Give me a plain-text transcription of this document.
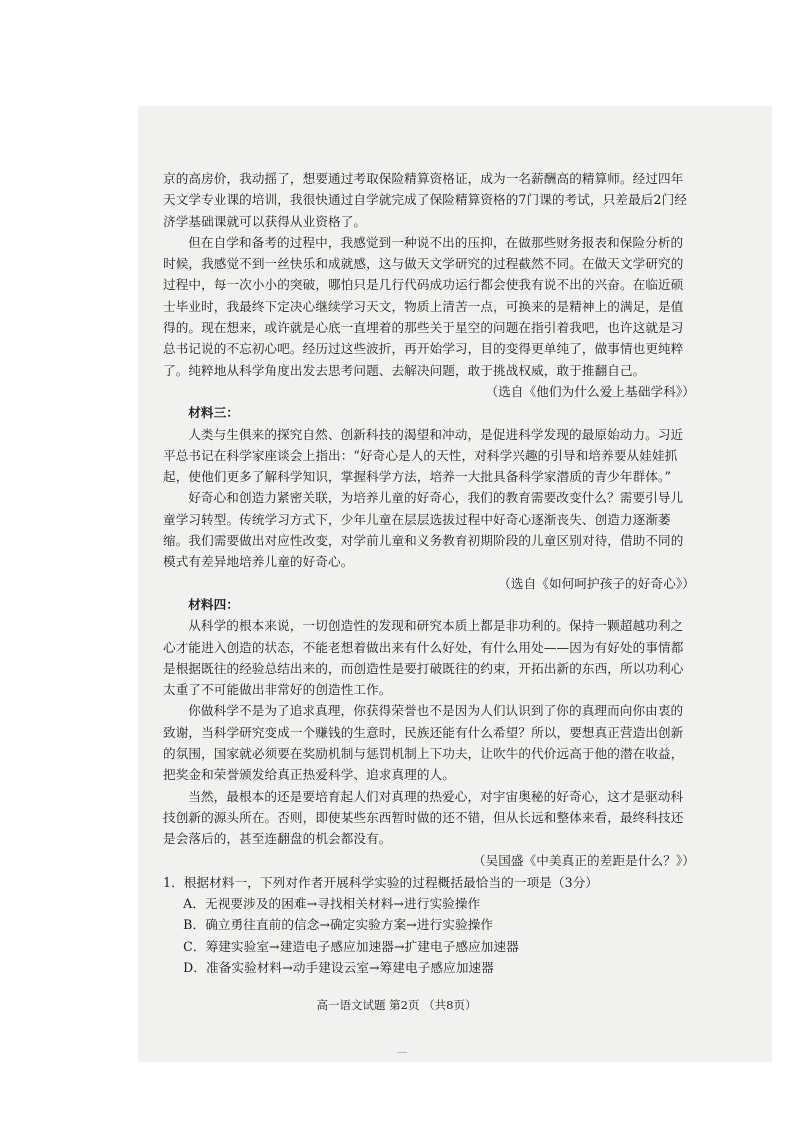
京的高房价，我动摇了，想要通过考取保险精算资格证，成为一名薪酬高的精算师。经过四年天文学专业课的培训，我很快通过自学就完成了保险精算资格的7门课的考试，只差最后2门经济学基础课就可以获得从业资格了。

但在自学和备考的过程中，我感觉到一种说不出的压抑，在做那些财务报表和保险分析的时候，我感觉不到一丝快乐和成就感，这与做天文学研究的过程截然不同。在做天文学研究的过程中，每一次小小的突破，哪怕只是几行代码成功运行都会使我有说不出的兴奋。在临近硕士毕业时，我最终下定决心继续学习天文，物质上清苦一点，可换来的是精神上的满足，是值得的。现在想来，或许就是心底一直埋着的那些关于星空的问题在指引着我吧，也许这就是习总书记说的不忘初心吧。经历过这些波折，再开始学习，目的变得更单纯了，做事情也更纯粹了。纯粹地从科学角度出发去思考问题、去解决问题，敢于挑战权威，敢于推翻自己。

（选自《他们为什么爱上基础学科》）

材料三：

人类与生俱来的探究自然、创新科技的渴望和冲动，是促进科学发现的最原始动力。习近平总书记在科学家座谈会上指出：“好奇心是人的天性，对科学兴趣的引导和培养要从娃娃抓起，使他们更多了解科学知识，掌握科学方法，培养一大批具备科学家潜质的青少年群体。”

好奇心和创造力紧密关联，为培养儿童的好奇心，我们的教育需要改变什么？需要引导儿童学习转型。传统学习方式下，少年儿童在层层选拔过程中好奇心逐渐丧失、创造力逐渐萎缩。我们需要做出对应性改变，对学前儿童和义务教育初期阶段的儿童区别对待，借助不同的模式有差异地培养儿童的好奇心。

（选自《如何呵护孩子的好奇心》）

材料四：

从科学的根本来说，一切创造性的发现和研究本质上都是非功利的。保持一颗超越功利之心才能进入创造的状态，不能老想着做出来有什么好处，有什么用处——因为有好处的事情都是根据既往的经验总结出来的，而创造性是要打破既往的约束，开拓出新的东西，所以功利心太重了不可能做出非常好的创造性工作。

你做科学不是为了追求真理，你获得荣誉也不是因为人们认识到了你的真理而向你由衷的致谢，当科学研究变成一个赚钱的生意时，民族还能有什么希望？所以，要想真正营造出创新的氛围，国家就必须要在奖励机制与惩罚机制上下功夫，让吹牛的代价远高于他的潜在收益，把奖金和荣誉颁发给真正热爱科学、追求真理的人。

当然，最根本的还是要培育起人们对真理的热爱心，对宇宙奥秘的好奇心，这才是驱动科技创新的源头所在。否则，即使某些东西暂时做的还不错，但从长远和整体来看，最终科技还是会落后的，甚至连翻盘的机会都没有。

（吴国盛《中美真正的差距是什么？》）

1．根据材料一，下列对作者开展科学实验的过程概括最恰当的一项是（3分）

A．无视要涉及的困难→寻找相关材料→进行实验操作

B．确立勇往直前的信念→确定实验方案→进行实验操作

C．筹建实验室→建造电子感应加速器→扩建电子感应加速器

D．准备实验材料→动手建设云室→筹建电子感应加速器

高一语文试题 第2页 （共8页）
